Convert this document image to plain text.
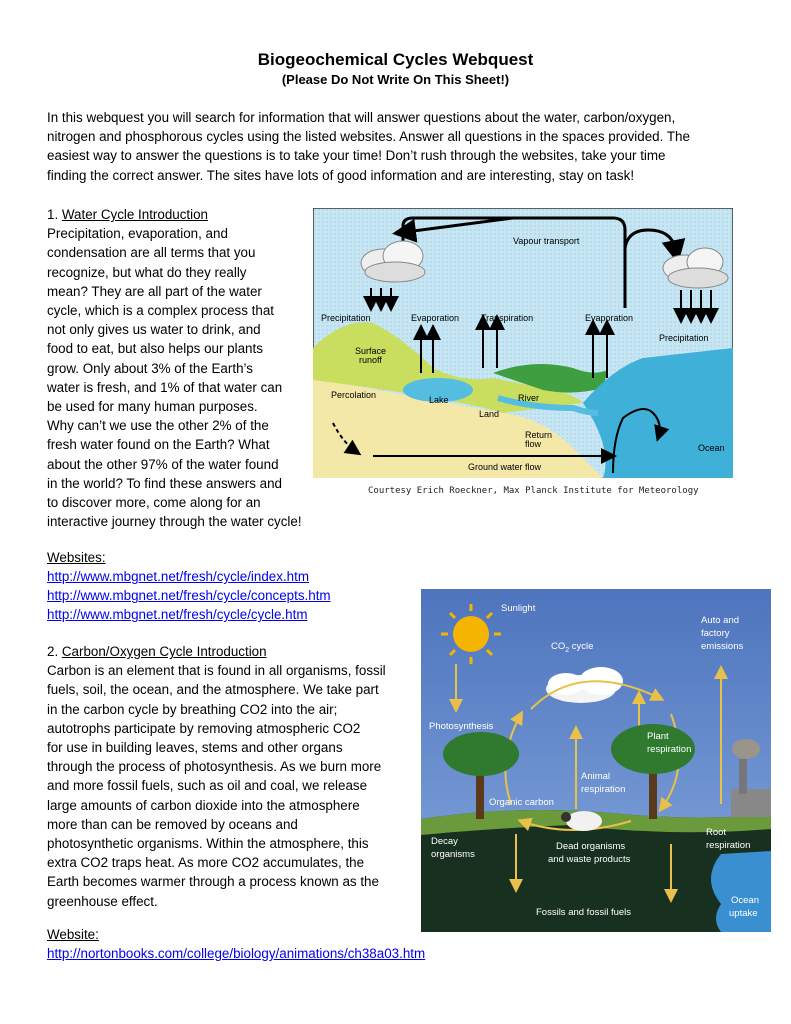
Biogeochemical Cycles Webquest
(Please Do Not Write On This Sheet!)
In this webquest you will search for information that will answer questions about the water, carbon/oxygen,
nitrogen and phosphorous cycles using the listed websites. Answer all questions in the spaces provided. The
easiest way to answer the questions is to take your time! Don’t rush through the websites, take your time
finding the correct answer. The sites have lots of good information and are interesting, stay on task!
1. Water Cycle Introduction
Precipitation, evaporation, and
condensation are all terms that you
recognize, but what do they really
mean? They are all part of the water
cycle, which is a complex process that
not only gives us water to drink, and
food to eat, but also helps our plants
grow. Only about 3% of the Earth’s
water is fresh, and 1% of that water can
be used for many human purposes.
Why can’t we use the other 2% of the
fresh water found on the Earth? What
about the other 97% of the water found
in the world? To find these answers and
to discover more, come along for an
interactive journey through the water cycle!
Websites:
http://www.mbgnet.net/fresh/cycle/index.htm
http://www.mbgnet.net/fresh/cycle/concepts.htm
http://www.mbgnet.net/fresh/cycle/cycle.htm
2. Carbon/Oxygen Cycle Introduction
Carbon is an element that is found in all organisms, fossil
fuels, soil, the ocean, and the atmosphere. We take part
in the carbon cycle by breathing CO2 into the air;
autotrophs participate by removing atmospheric CO2
for use in building leaves, stems and other organs
through the process of photosynthesis. As we burn more
and more fossil fuels, such as oil and coal, we release
large amounts of carbon dioxide into the atmosphere
more than can be removed by oceans and
photosynthetic organisms. Within the atmosphere, this
extra CO2 traps heat. As more CO2 accumulates, the
Earth becomes warmer through a process known as the
greenhouse effect.
Website:
http://nortonbooks.com/college/biology/animations/ch38a03.htm
Vapour transport
Precipitation	Evaporation Transpiration	Evaporation
Precipitation
Surface
runoff
Percolation	Lake	River
Land
Return
flow	Ocean
Ground water flow
Courtesy Erich Roeckner, Max Planck Institute for Meteorology
Sunlight
$CO_2$ cycle
Auto and
factory
emissions
Photosynthesis
Plant
respiration
Animal
respiration
Organic carbon
Decay
organisms
Dead organisms
and waste products
Root
respiration
Fossils and fossil fuels
Ocean
uptake
